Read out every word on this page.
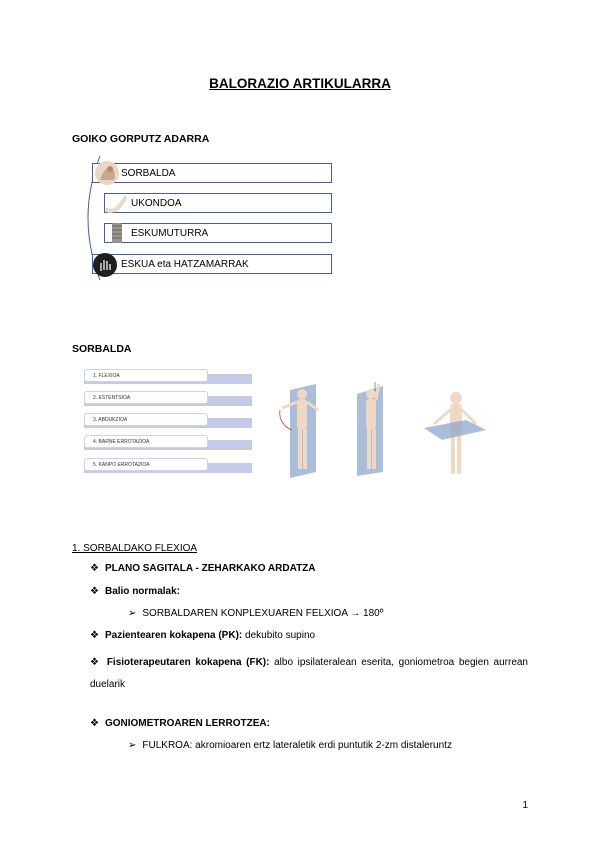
BALORAZIO ARTIKULARRA
GOIKO GORPUTZ ADARRA
SORBALDA
UKONDOA
ESKUMUTURRA
ESKUA eta HATZAMARRAK
SORBALDA
1. FLEXIOA
2. ESTENTSIOA
3. ABDUKZIOA
4. BARNE ERROTAZIOA
5. KANPO ERROTAZIOA
1. SORBALDAKO FLEXIOA
❖ PLANO SAGITALA - ZEHARKAKO ARDATZA
❖ Balio normalak:
➢ SORBALDAREN KONPLEXUAREN FELXIOA → 180º
❖ Pazientearen kokapena (PK): dekubito supino
❖ Fisioterapeutaren kokapena (FK): albo ipsilateralean eserita, goniometroa begien aurrean duelarik
❖ GONIOMETROAREN LERROTZEA:
➢ FULKROA: akromioaren ertz lateraletik erdi puntutik 2-zm distaleruntz
1
